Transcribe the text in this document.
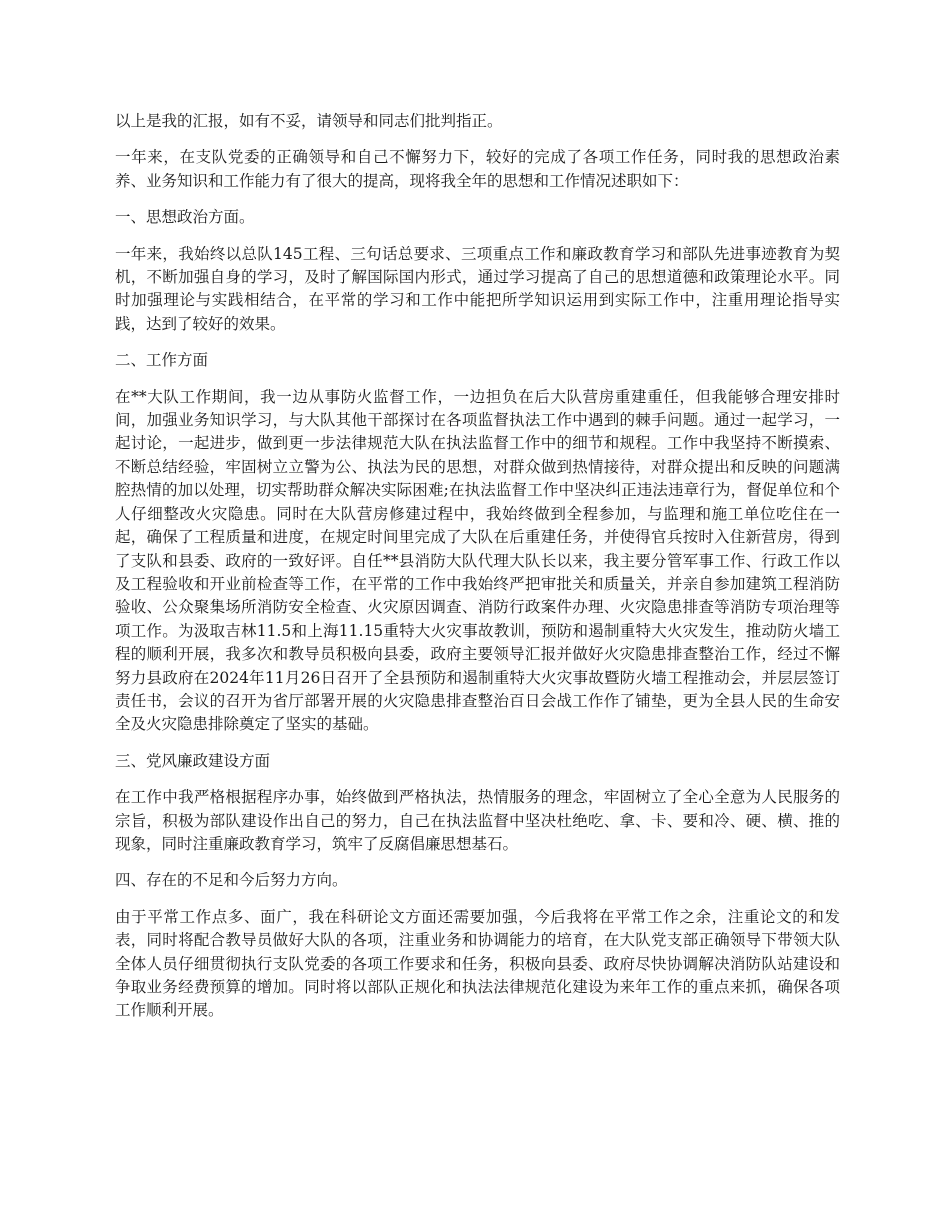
以上是我的汇报，如有不妥，请领导和同志们批判指正。

一年来，在支队党委的正确领导和自己不懈努力下，较好的完成了各项工作任务，同时我的思想政治素养、业务知识和工作能力有了很大的提高，现将我全年的思想和工作情况述职如下：

一、思想政治方面。

一年来，我始终以总队145工程、三句话总要求、三项重点工作和廉政教育学习和部队先进事迹教育为契机，不断加强自身的学习，及时了解国际国内形式，通过学习提高了自己的思想道德和政策理论水平。同时加强理论与实践相结合，在平常的学习和工作中能把所学知识运用到实际工作中，注重用理论指导实践，达到了较好的效果。

二、工作方面

在**大队工作期间，我一边从事防火监督工作，一边担负在后大队营房重建重任，但我能够合理安排时间，加强业务知识学习，与大队其他干部探讨在各项监督执法工作中遇到的棘手问题。通过一起学习，一起讨论，一起进步，做到更一步法律规范大队在执法监督工作中的细节和规程。工作中我坚持不断摸索、不断总结经验，牢固树立立警为公、执法为民的思想，对群众做到热情接待，对群众提出和反映的问题满腔热情的加以处理，切实帮助群众解决实际困难;在执法监督工作中坚决纠正违法违章行为，督促单位和个人仔细整改火灾隐患。同时在大队营房修建过程中，我始终做到全程参加，与监理和施工单位吃住在一起，确保了工程质量和进度，在规定时间里完成了大队在后重建任务，并使得官兵按时入住新营房，得到了支队和县委、政府的一致好评。自任**县消防大队代理大队长以来，我主要分管军事工作、行政工作以及工程验收和开业前检查等工作，在平常的工作中我始终严把审批关和质量关，并亲自参加建筑工程消防验收、公众聚集场所消防安全检查、火灾原因调查、消防行政案件办理、火灾隐患排查等消防专项治理等项工作。为汲取吉林11.5和上海11.15重特大火灾事故教训，预防和遏制重特大火灾发生，推动防火墙工程的顺利开展，我多次和教导员积极向县委，政府主要领导汇报并做好火灾隐患排查整治工作，经过不懈努力县政府在2024年11月26日召开了全县预防和遏制重特大火灾事故暨防火墙工程推动会，并层层签订责任书，会议的召开为省厅部署开展的火灾隐患排查整治百日会战工作作了铺垫，更为全县人民的生命安全及火灾隐患排除奠定了坚实的基础。

三、党风廉政建设方面

在工作中我严格根据程序办事，始终做到严格执法，热情服务的理念，牢固树立了全心全意为人民服务的宗旨，积极为部队建设作出自己的努力，自己在执法监督中坚决杜绝吃、拿、卡、要和冷、硬、横、推的现象，同时注重廉政教育学习，筑牢了反腐倡廉思想基石。

四、存在的不足和今后努力方向。

由于平常工作点多、面广，我在科研论文方面还需要加强，今后我将在平常工作之余，注重论文的和发表，同时将配合教导员做好大队的各项，注重业务和协调能力的培育，在大队党支部正确领导下带领大队全体人员仔细贯彻执行支队党委的各项工作要求和任务，积极向县委、政府尽快协调解决消防队站建设和争取业务经费预算的增加。同时将以部队正规化和执法法律规范化建设为来年工作的重点来抓，确保各项工作顺利开展。
